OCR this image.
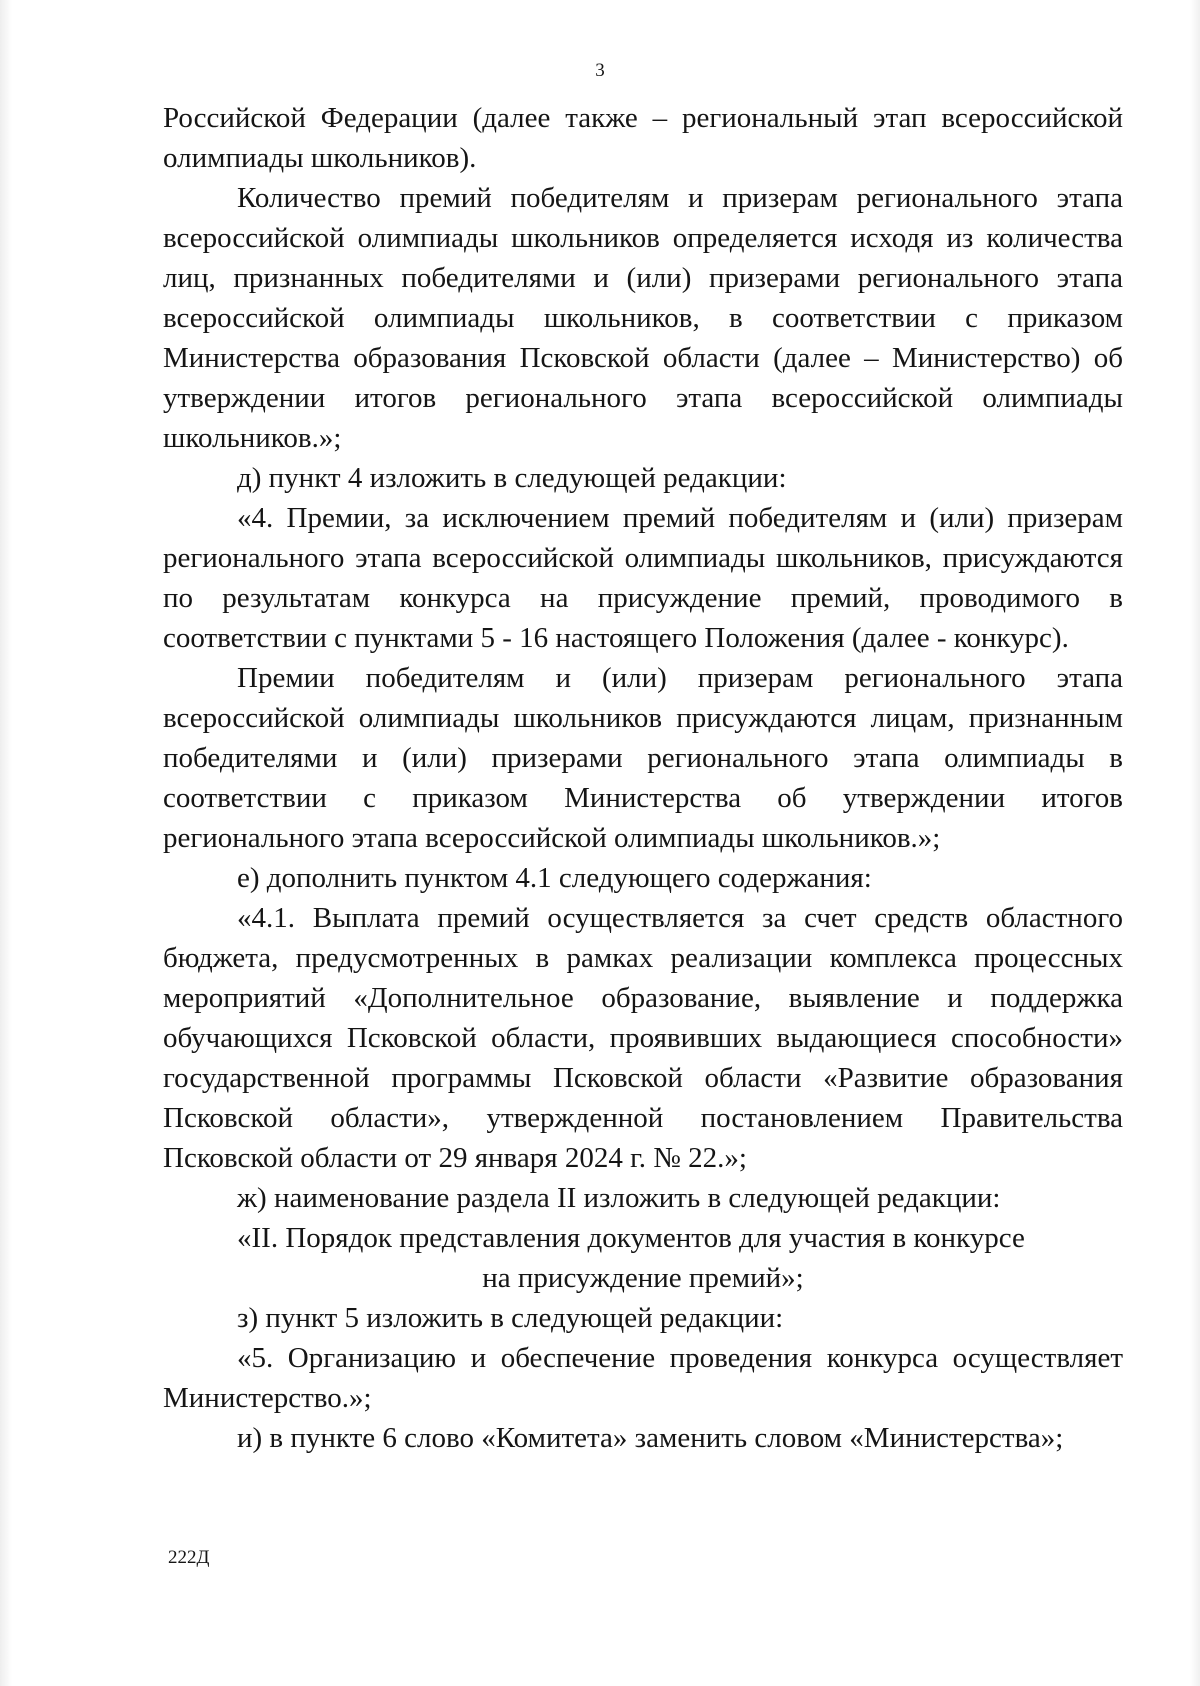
3

Российской Федерации (далее также – региональный этап всероссийской олимпиады школьников).

Количество премий победителям и призерам регионального этапа всероссийской олимпиады школьников определяется исходя из количества лиц, признанных победителями и (или) призерами регионального этапа всероссийской олимпиады школьников, в соответствии с приказом Министерства образования Псковской области (далее – Министерство) об утверждении итогов регионального этапа всероссийской олимпиады школьников.»;

д) пункт 4 изложить в следующей редакции:

«4. Премии, за исключением премий победителям и (или) призерам регионального этапа всероссийской олимпиады школьников, присуждаются по результатам конкурса на присуждение премий, проводимого в соответствии с пунктами 5 - 16 настоящего Положения (далее - конкурс).

Премии победителям и (или) призерам регионального этапа всероссийской олимпиады школьников присуждаются лицам, признанным победителями и (или) призерами регионального этапа олимпиады в соответствии с приказом Министерства об утверждении итогов регионального этапа всероссийской олимпиады школьников.»;

е) дополнить пунктом 4.1 следующего содержания:

«4.1. Выплата премий осуществляется за счет средств областного бюджета, предусмотренных в рамках реализации комплекса процессных мероприятий «Дополнительное образование, выявление и поддержка обучающихся Псковской области, проявивших выдающиеся способности» государственной программы Псковской области «Развитие образования Псковской области», утвержденной постановлением Правительства Псковской области от 29 января 2024 г. № 22.»;

ж) наименование раздела II изложить в следующей редакции:

«II. Порядок представления документов для участия в конкурсе

на присуждение премий»;

з) пункт 5 изложить в следующей редакции:

«5. Организацию и обеспечение проведения конкурса осуществляет Министерство.»;

и) в пункте 6 слово «Комитета» заменить словом «Министерства»;

222Д
